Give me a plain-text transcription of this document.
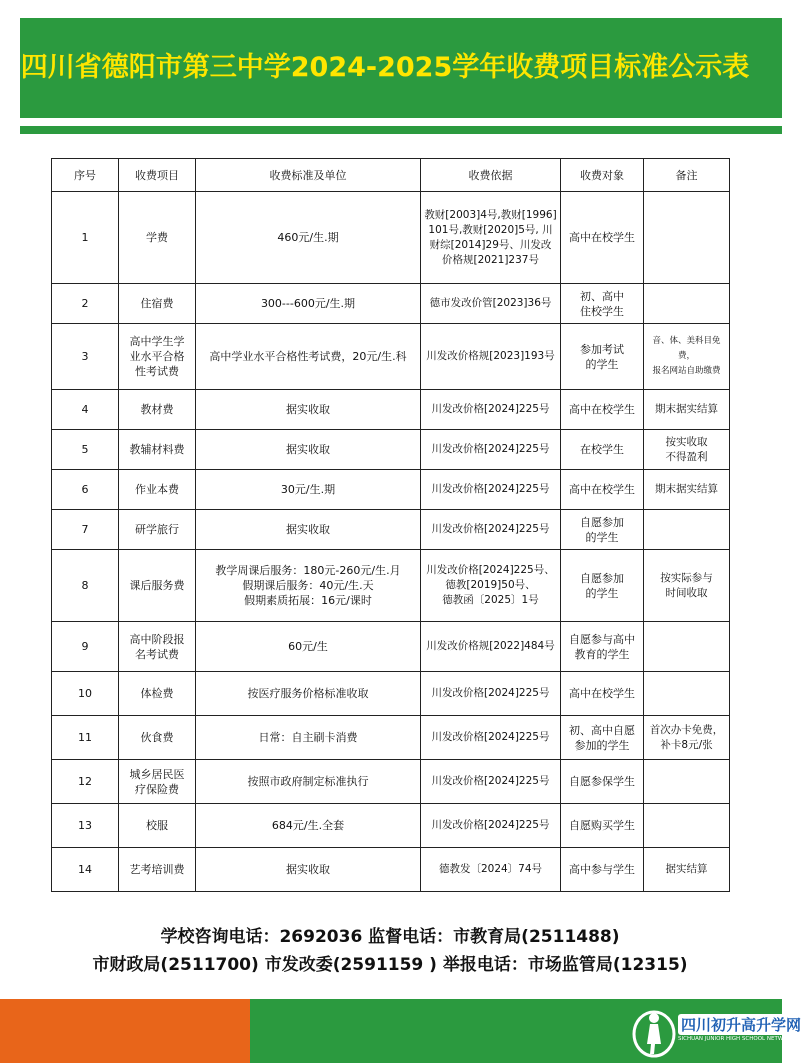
四川省德阳市第三中学2024-2025学年收费项目标准公示表
序号	收费项目	收费标准及单位	收费依据	收费对象	备注
1	学费	460元/生.期	教财[2003]4号,教财[1996]
101号,教财[2020]5号, 川
财综[2014]29号、川发改
价格规[2021]237号	高中在校学生	

2	住宿费	300---600元/生.期	德市发改价管[2023]36号	初、高中
住校学生	

3	高中学生学
业水平合格
性考试费	高中学业水平合格性考试费，20元/生.科	川发改价格规[2023]193号	参加考试
的学生	音、体、美科目免费，
报名网站自助缴费

4	教材费	据实收取	川发改价格[2024]225号	高中在校学生	期末据实结算

5	教辅材料费	据实收取	川发改价格[2024]225号	在校学生	按实收取
不得盈利

6	作业本费	30元/生.期	川发改价格[2024]225号	高中在校学生	期末据实结算

7	研学旅行	据实收取	川发改价格[2024]225号	自愿参加
的学生	

8	课后服务费	教学周课后服务：180元-260元/生.月
假期课后服务：40元/生.天
假期素质拓展：16元/课时	川发改价格[2024]225号、
德教[2019]50号、
德教函〔2025〕1号	自愿参加
的学生	按实际参与
时间收取

9	高中阶段报
名考试费	60元/生	川发改价格规[2022]484号	自愿参与高中
教育的学生	

10	体检费	按医疗服务价格标准收取	川发改价格[2024]225号	高中在校学生	

11	伙食费	日常：自主刷卡消费	川发改价格[2024]225号	初、高中自愿
参加的学生	首次办卡免费，
补卡8元/张

12	城乡居民医
疗保险费	按照市政府制定标准执行	川发改价格[2024]225号	自愿参保学生	

13	校服	684元/生.全套	川发改价格[2024]225号	自愿购买学生	

14	艺考培训费	据实收取	德教发〔2024〕74号	高中参与学生	据实结算
学校咨询电话：2692036 监督电话：市教育局(2511488)
市财政局(2511700) 市发改委(2591159 ) 举报电话：市场监管局(12315)
四川初升高升学网
SICHUAN JUNIOR HIGH SCHOOL NETWORK
